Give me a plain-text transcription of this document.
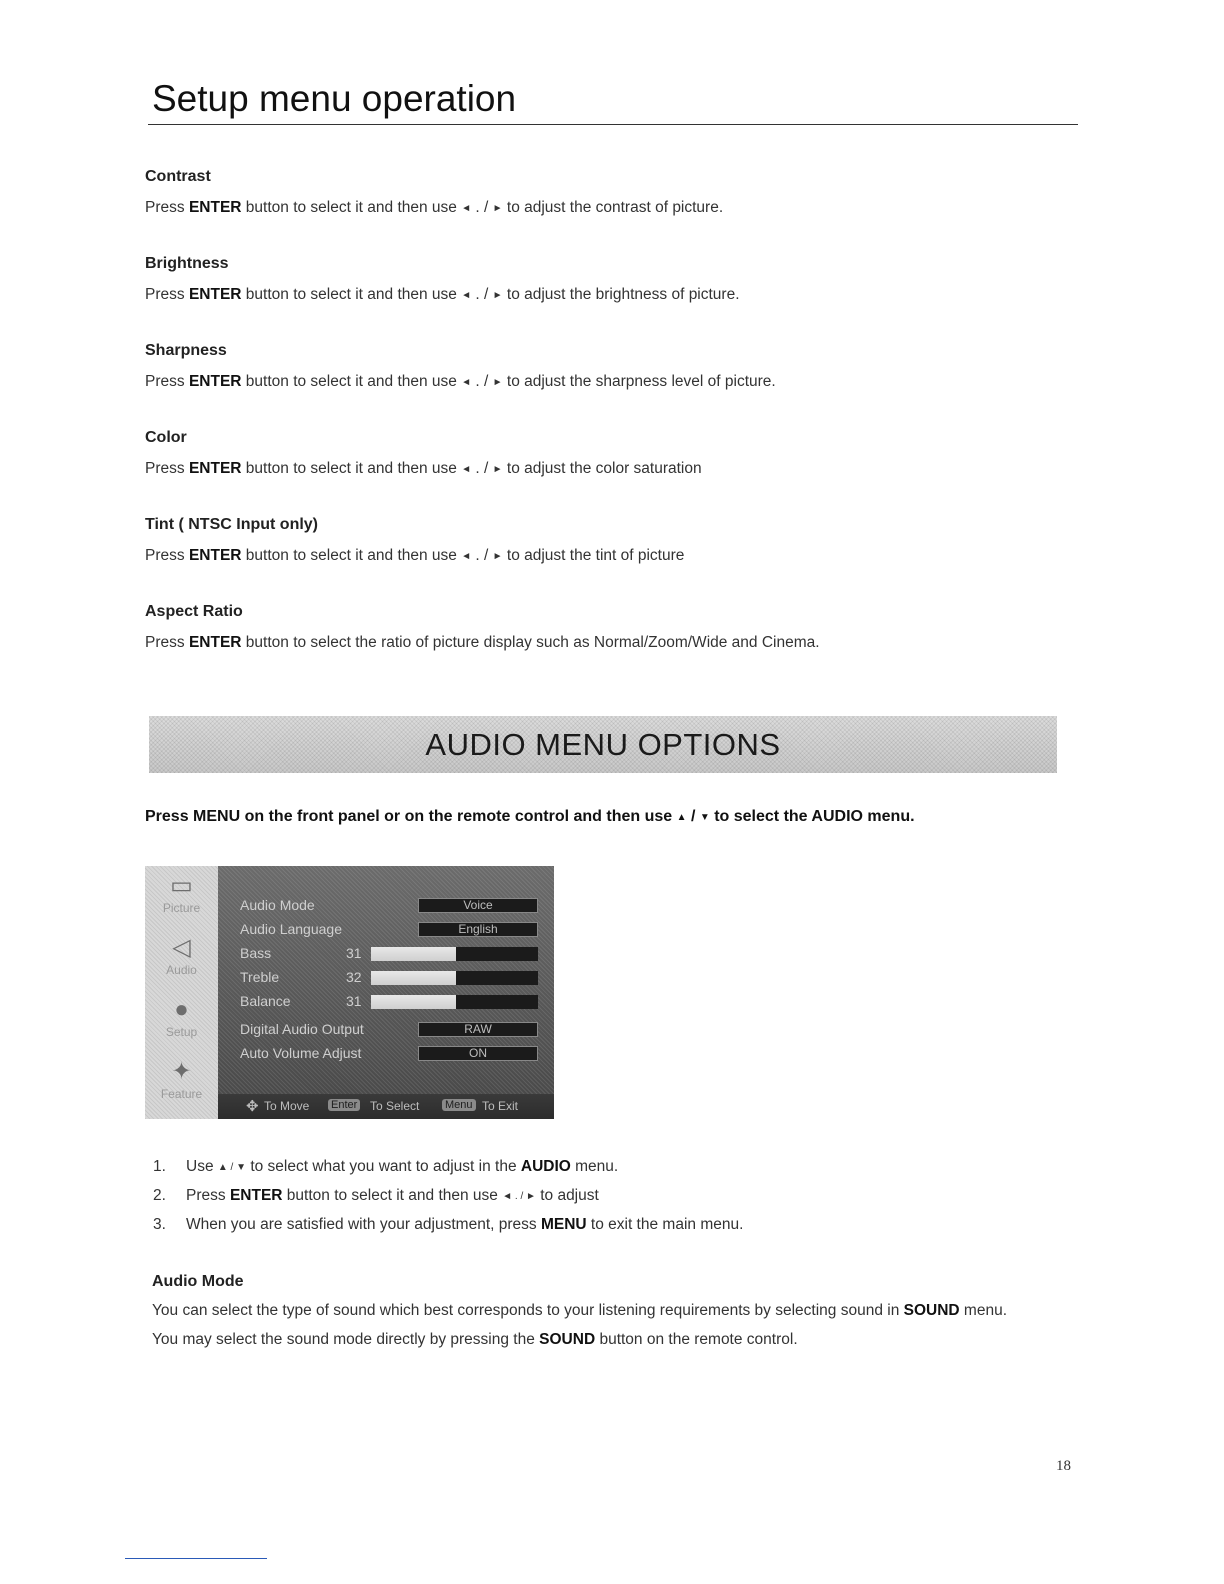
Setup menu operation
Contrast

Press ENTER button to select it and then use ◄ . / ► to adjust the contrast of picture.

Brightness

Press ENTER button to select it and then use ◄ . / ► to adjust the brightness of picture.

Sharpness

Press ENTER button to select it and then use ◄ . / ► to adjust the sharpness level of picture.

Color

Press ENTER button to select it and then use ◄ . / ► to adjust the color saturation

Tint ( NTSC Input only)

Press ENTER button to select it and then use ◄ . / ► to adjust the tint of picture

Aspect Ratio

Press ENTER button to select the ratio of picture display such as Normal/Zoom/Wide and Cinema.

AUDIO MENU OPTIONS

Press MENU on the front panel or on the remote control and then use ▲ / ▼ to select the AUDIO menu.

▭
Picture
◁
Audio
●
Setup
✦
Feature
Audio Mode	Voice
Audio Language	English
Bass	31
Treble	32
Balance	31
Digital Audio Output	RAW
Auto Volume Adjust	ON
✥ To Move Enter To Select Menu To Exit
1. Use ▲ / ▼ to select what you want to adjust in the AUDIO menu.
2. Press ENTER button to select it and then use ◄ . / ► to adjust
3. When you are satisfied with your adjustment, press MENU to exit the main menu.
Audio Mode

You can select the type of sound which best corresponds to your listening requirements by selecting sound in SOUND menu.

You may select the sound mode directly by pressing the SOUND button on the remote control.

18
